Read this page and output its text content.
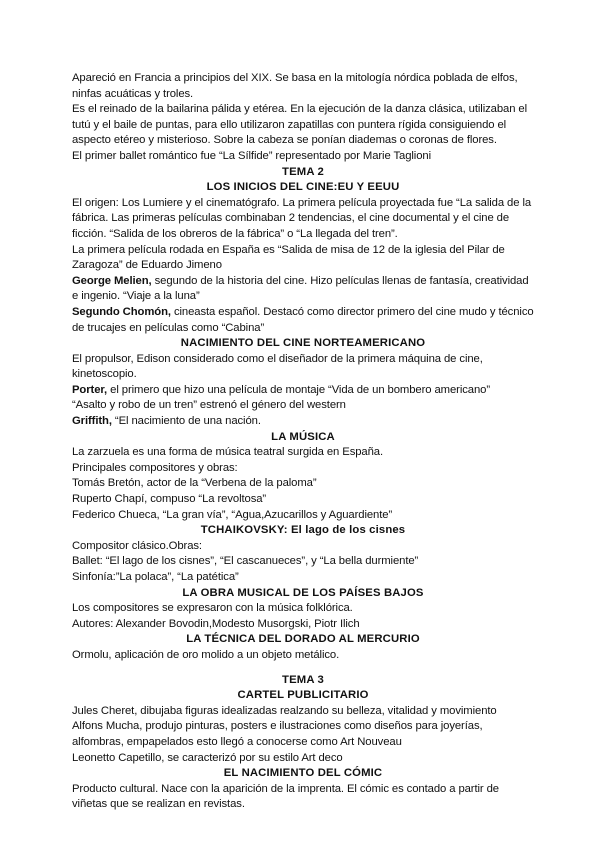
Apareció en Francia a principios del XIX. Se basa en la mitología nórdica poblada de elfos, ninfas acuáticas y troles.

Es el reinado de la bailarina pálida y etérea. En la ejecución de la danza clásica, utilizaban el tutú y el baile de puntas, para ello utilizaron zapatillas con puntera rígida consiguiendo el aspecto etéreo y misterioso. Sobre la cabeza se ponían diademas o coronas de flores.

El primer ballet romántico fue “La Sílfide” representado por Marie Taglioni

TEMA 2

LOS INICIOS DEL CINE:EU Y EEUU

El origen: Los Lumiere y el cinematógrafo. La primera película proyectada fue “La salida de la fábrica. Las primeras películas combinaban 2 tendencias, el cine documental y el cine de ficción. “Salida de los obreros de la fábrica” o “La llegada del tren”.

La primera película rodada en España es “Salida de misa de 12 de la iglesia del Pilar de Zaragoza” de Eduardo Jimeno

George Melien, segundo de la historia del cine. Hizo películas llenas de fantasía, creatividad e ingenio. “Viaje a la luna”

Segundo Chomón, cineasta español. Destacó como director primero del cine mudo y técnico de trucajes en películas como “Cabina”

NACIMIENTO DEL CINE NORTEAMERICANO

El propulsor, Edison considerado como el diseñador de la primera máquina de cine, kinetoscopio.

Porter, el primero que hizo una película de montaje “Vida de un bombero americano”

“Asalto y robo de un tren” estrenó el género del western

Griffith, “El nacimiento de una nación.

LA MÚSICA

La zarzuela es una forma de música teatral surgida en España.

Principales compositores y obras:

Tomás Bretón, actor de la “Verbena de la paloma”

Ruperto Chapí, compuso “La revoltosa”

Federico Chueca, “La gran vía”, “Agua,Azucarillos y Aguardiente”

TCHAIKOVSKY: El lago de los cisnes

Compositor clásico.Obras:

Ballet: “El lago de los cisnes”, “El cascanueces”, y “La bella durmiente”

Sinfonía:”La polaca”, “La patética”

LA OBRA MUSICAL DE LOS PAÍSES BAJOS

Los compositores se expresaron con la música folklórica.

Autores: Alexander Bovodin,Modesto Musorgski, Piotr Ilich

LA TÉCNICA DEL DORADO AL MERCURIO

Ormolu, aplicación de oro molido a un objeto metálico.

TEMA 3

CARTEL PUBLICITARIO

Jules Cheret, dibujaba figuras idealizadas realzando su belleza, vitalidad y movimiento

Alfons Mucha, produjo pinturas, posters e ilustraciones como diseños para joyerías, alfombras, empapelados esto llegó a conocerse como Art Nouveau

Leonetto Capetillo, se caracterizó por su estilo Art deco

EL NACIMIENTO DEL CÓMIC

Producto cultural. Nace con la aparición de la imprenta. El cómic es contado a partir de viñetas que se realizan en revistas.
